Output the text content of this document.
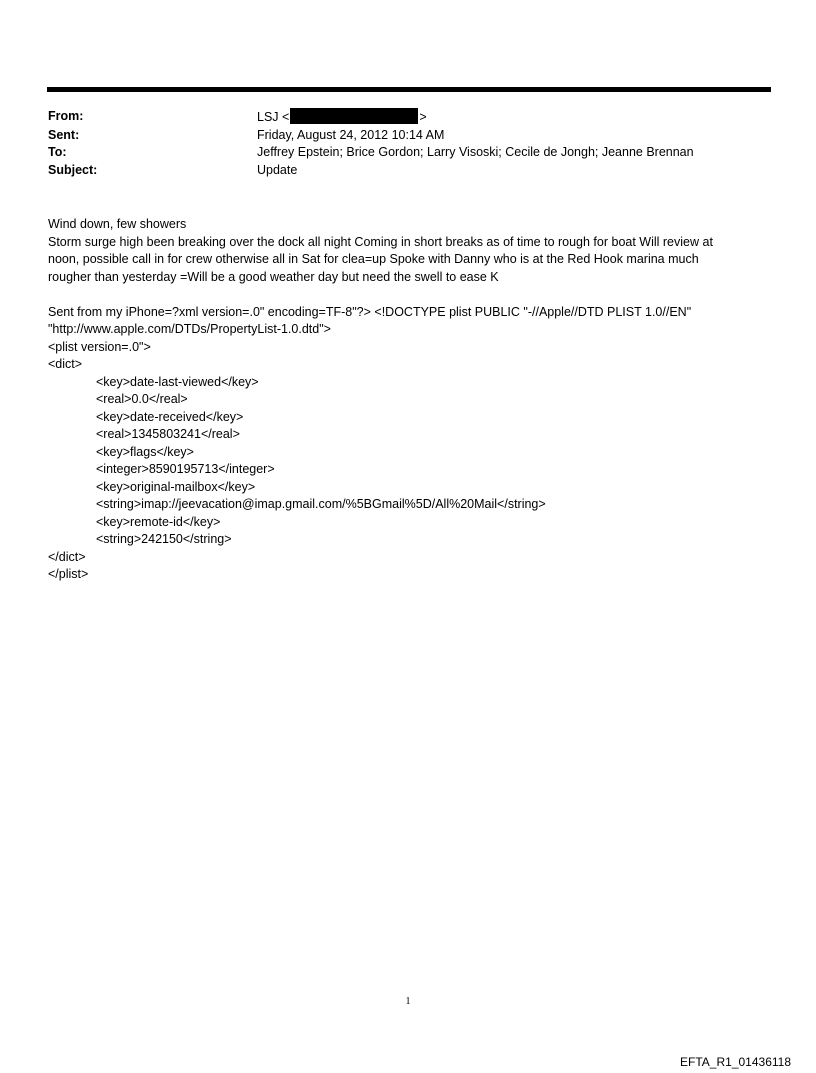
From:	LSJ <	>
Sent:	Friday, August 24, 2012 10:14 AM
To:	Jeffrey Epstein; Brice Gordon; Larry Visoski; Cecile de Jongh; Jeanne Brennan
Subject:	Update
Wind down, few showers
Storm surge high been breaking over the dock all night Coming in short breaks as of time to rough for boat Will review at
noon, possible call in for crew otherwise all in Sat for clea=up Spoke with Danny who is at the Red Hook marina much
rougher than yesterday =Will be a good weather day but need the swell to ease K
Sent from my iPhone=?xml version=.0" encoding=TF-8"?> <!DOCTYPE plist PUBLIC "-//Apple//DTD PLIST 1.0//EN"
"http://www.apple.com/DTDs/PropertyList-1.0.dtd">
<plist version=.0">
<dict>
<key>date-last-viewed</key>
<real>0.0</real>
<key>date-received</key>
<real>1345803241</real>
<key>flags</key>
<integer>8590195713</integer>
<key>original-mailbox</key>
<string>imap://jeevacation@imap.gmail.com/%5BGmail%5D/All%20Mail</string>
<key>remote-id</key>
<string>242150</string>
</dict>
</plist>
1
EFTA_R1_01436118
